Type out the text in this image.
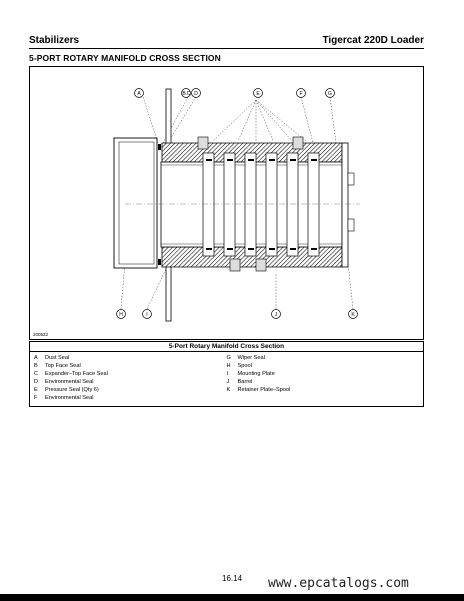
Stabilizers	Tigercat 220D Loader
5-PORT ROTARY MANIFOLD CROSS SECTION
A	B C D	E	F	G
H	I	J	K
200522
5-Port Rotary Manifold Cross Section
A	Dust Seal
B	Top Face Seal
C	Expander–Top Face Seal
D	Environmental Seal
E	Pressure Seal (Qty 6)
F	Environmental Seal
G	Wiper Seal
H	Spool
I	Mounting Plate
J	Barrel
K	Retainer Plate–Spool
16.14 www.epcatalogs.com
